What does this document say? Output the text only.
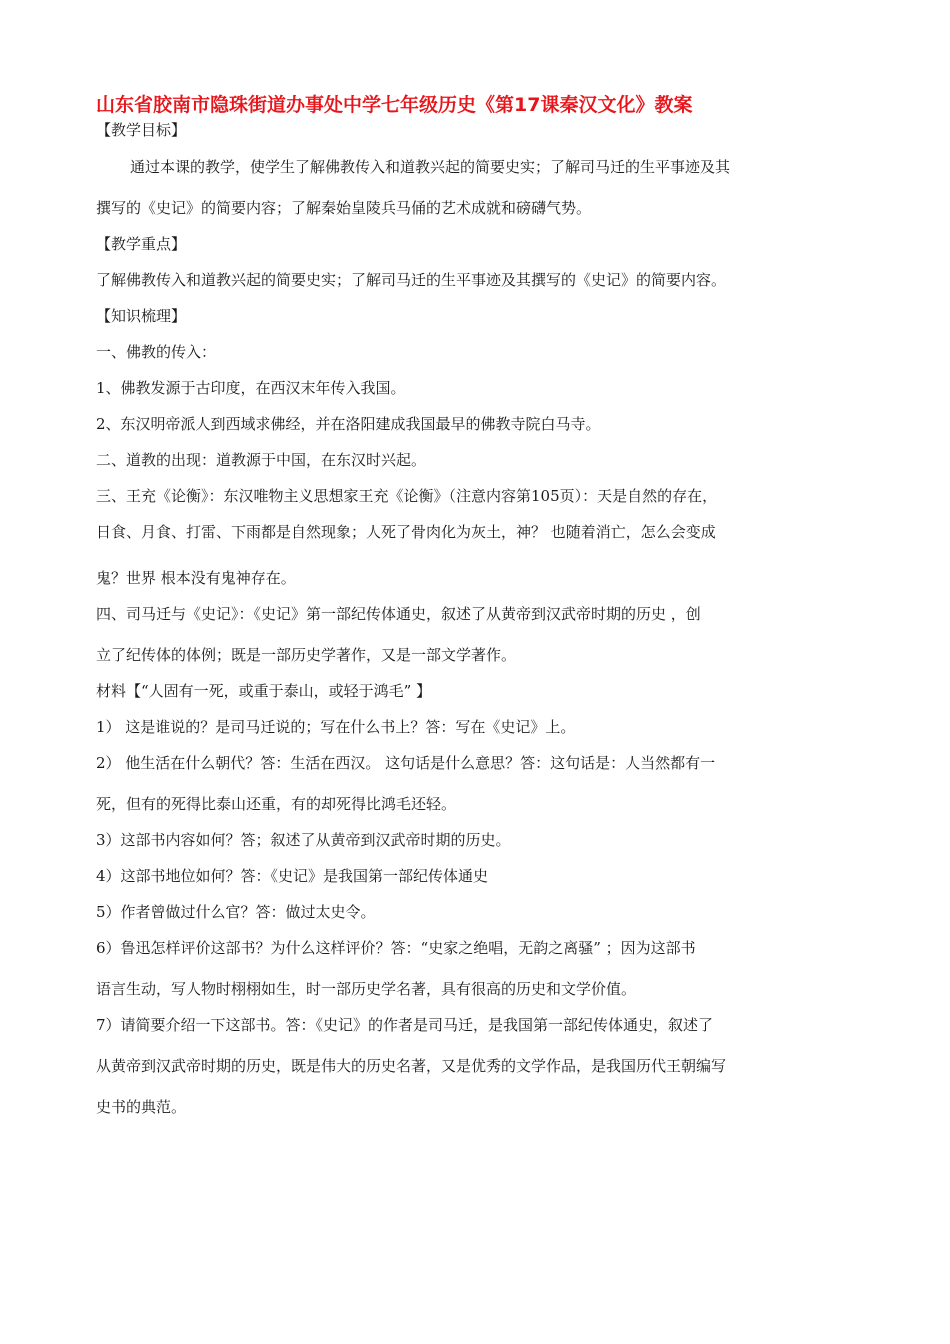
山东省胶南市隐珠街道办事处中学七年级历史《第17课秦汉文化》教案
【教学目标】
通过本课的教学，使学生了解佛教传入和道教兴起的简要史实；了解司马迁的生平事迹及其
撰写的《史记》的简要内容；了解秦始皇陵兵马俑的艺术成就和磅礴气势。
【教学重点】
了解佛教传入和道教兴起的简要史实；了解司马迁的生平事迹及其撰写的《史记》的简要内容。
【知识梳理】
一、佛教的传入：
1、佛教发源于古印度，在西汉末年传入我国。
2、东汉明帝派人到西域求佛经，并在洛阳建成我国最早的佛教寺院白马寺。
二、道教的出现：道教源于中国，在东汉时兴起。
三、王充《论衡》：东汉唯物主义思想家王充《论衡》（注意内容第105页）：天是自然的存在，
日食、月食、打雷、下雨都是自然现象；人死了骨肉化为灰土，神？ 也随着消亡，怎么会变成
鬼？世界 根本没有鬼神存在。
四、司马迁与《史记》：《史记》第一部纪传体通史，叙述了从黄帝到汉武帝时期的历史 ，创
立了纪传体的体例；既是一部历史学著作，又是一部文学著作。
材料【“人固有一死，或重于泰山，或轻于鸿毛” 】
1） 这是谁说的？是司马迁说的；写在什么书上？答：写在《史记》上。
2） 他生活在什么朝代？答：生活在西汉。 这句话是什么意思？答：这句话是：人当然都有一
死，但有的死得比泰山还重，有的却死得比鸿毛还轻。
3）这部书内容如何？答；叙述了从黄帝到汉武帝时期的历史。
4）这部书地位如何？答：《史记》是我国第一部纪传体通史
5）作者曾做过什么官？答：做过太史令。
6）鲁迅怎样评价这部书？为什么这样评价？答：“史家之绝唱，无韵之离骚” ；因为这部书
语言生动，写人物时栩栩如生，时一部历史学名著，具有很高的历史和文学价值。
7）请简要介绍一下这部书。答：《史记》的作者是司马迁，是我国第一部纪传体通史，叙述了
从黄帝到汉武帝时期的历史，既是伟大的历史名著，又是优秀的文学作品，是我国历代王朝编写
史书的典范。
